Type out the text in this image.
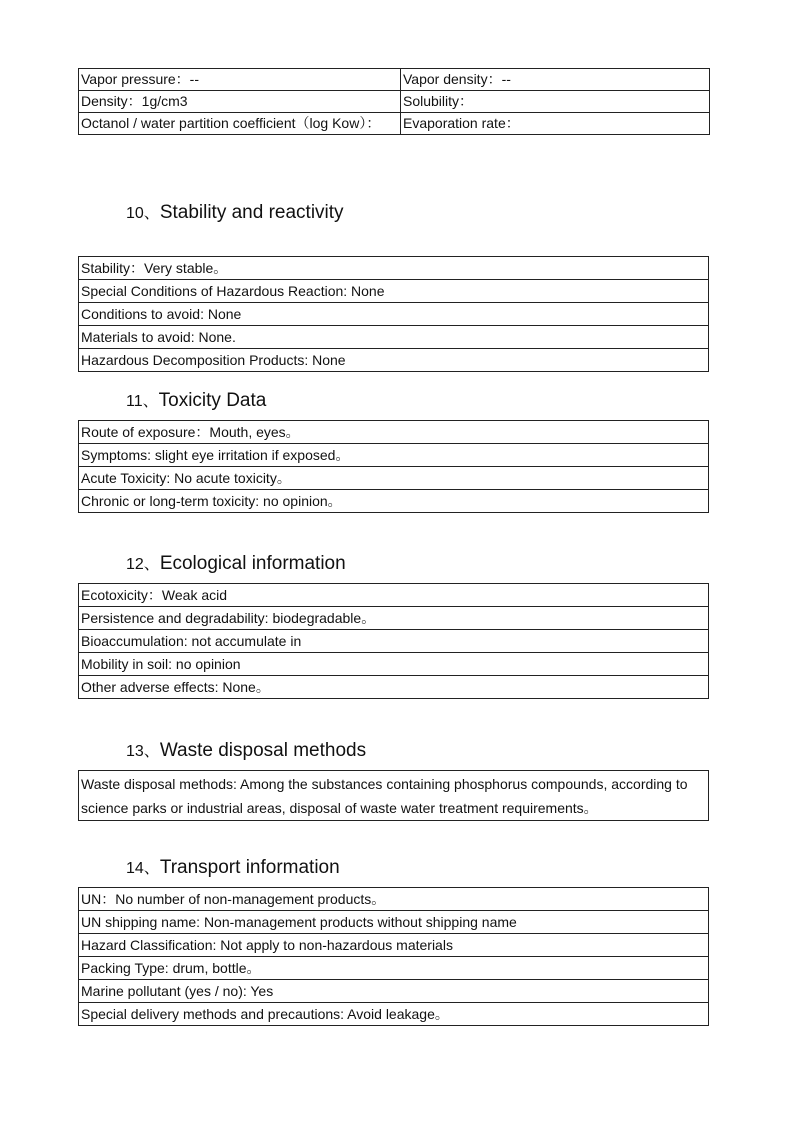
Vapor pressure：--	Vapor density：--
Density：1g/cm3	Solubility：
Octanol / water partition coefficient（log Kow）：	Evaporation rate：
10、Stability and reactivity
Stability：Very stable。
Special Conditions of Hazardous Reaction: None
Conditions to avoid: None
Materials to avoid: None.
Hazardous Decomposition Products: None
11、Toxicity Data
Route of exposure：Mouth, eyes。
Symptoms: slight eye irritation if exposed。
Acute Toxicity: No acute toxicity。
Chronic or long-term toxicity: no opinion。
12、Ecological information
Ecotoxicity：Weak acid
Persistence and degradability: biodegradable。
Bioaccumulation: not accumulate in
Mobility in soil: no opinion
Other adverse effects: None。
13、Waste disposal methods
Waste disposal methods: Among the substances containing phosphorus compounds, according to science parks or industrial areas, disposal of waste water treatment requirements。
14、Transport information
UN：No number of non-management products。
UN shipping name: Non-management products without shipping name
Hazard Classification: Not apply to non-hazardous materials
Packing Type: drum, bottle。
Marine pollutant (yes / no): Yes
Special delivery methods and precautions: Avoid leakage。
